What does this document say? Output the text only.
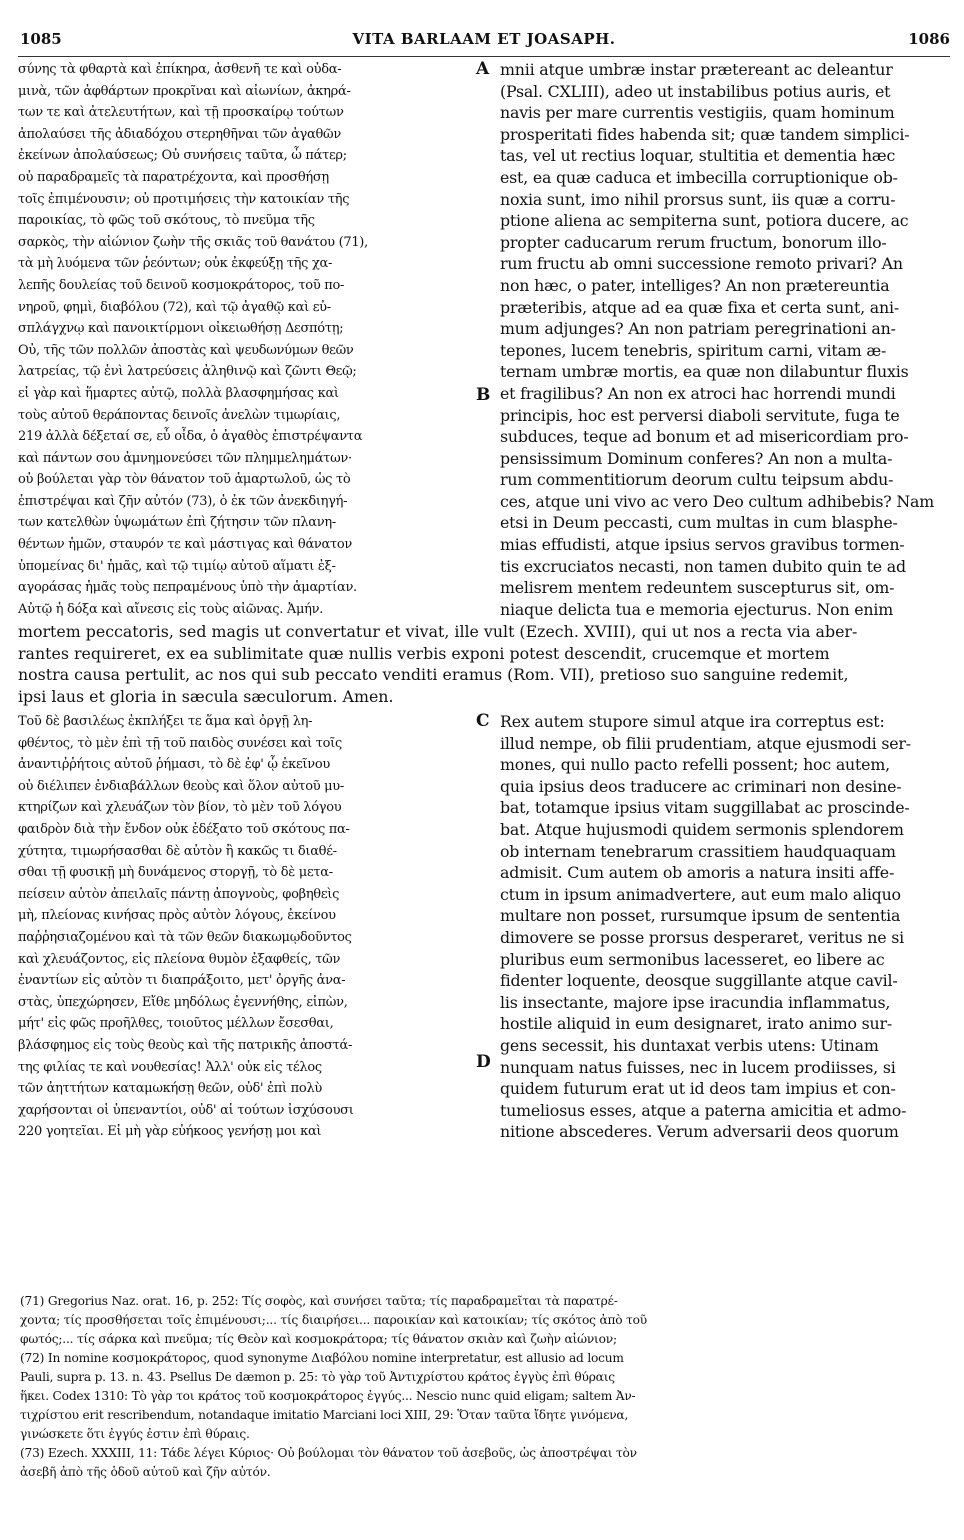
1085	VITA BARLAAM ET JOASAPH.	1086
σύνης τὰ φθαρτὰ καὶ ἐπίκηρα, ἀσθενῆ τε καὶ οὐδα-
μινὰ, τῶν ἀφθάρτων προκρῖναι καὶ αἰωνίων, ἀκηρά-
των τε καὶ ἀτελευτήτων, καὶ τῇ προσκαίρῳ τούτων
ἀπολαύσει τῆς ἀδιαδόχου στερηθῆναι τῶν ἀγαθῶν
ἐκείνων ἀπολαύσεως; Οὐ συνήσεις ταῦτα, ὦ πάτερ;
οὐ παραδραμεῖς τὰ παρατρέχοντα, καὶ προσθήσῃ
τοῖς ἐπιμένουσιν; οὐ προτιμήσεις τὴν κατοικίαν τῆς
παροικίας, τὸ φῶς τοῦ σκότους, τὸ πνεῦμα τῆς
σαρκὸς, τὴν αἰώνιον ζωὴν τῆς σκιᾶς τοῦ θανάτου (71),
τὰ μὴ λυόμενα τῶν ῥεόντων; οὐκ ἐκφεύξῃ τῆς χα-
λεπῆς δουλείας τοῦ δεινοῦ κοσμοκράτορος, τοῦ πο-
νηροῦ, φημὶ, διαβόλου (72), καὶ τῷ ἀγαθῷ καὶ εὐ-
σπλάγχνῳ καὶ πανοικτίρμονι οἰκειωθήσῃ Δεσπότῃ;
Οὐ, τῆς τῶν πολλῶν ἀποστὰς καὶ ψευδωνύμων θεῶν
λατρείας, τῷ ἑνὶ λατρεύσεις ἀληθινῷ καὶ ζῶντι Θεῷ;
εἰ γὰρ καὶ ἥμαρτες αὐτῷ, πολλὰ βλασφημήσας καὶ
τοὺς αὐτοῦ θεράποντας δεινοῖς ἀνελὼν τιμωρίαις,
219 ἀλλὰ δέξεταί σε, εὖ οἶδα, ὁ ἀγαθὸς ἐπιστρέψαντα
καὶ πάντων σου ἀμνημονεύσει τῶν πλημμελημάτων·
οὐ βούλεται γὰρ τὸν θάνατον τοῦ ἁμαρτωλοῦ, ὡς τὸ
ἐπιστρέψαι καὶ ζῆν αὐτόν (73), ὁ ἐκ τῶν ἀνεκδιηγή-
των κατελθὼν ὑψωμάτων ἐπὶ ζήτησιν τῶν πλανη-
θέντων ἡμῶν, σταυρόν τε καὶ μάστιγας καὶ θάνατον
ὑπομείνας δι' ἡμᾶς, καὶ τῷ τιμίῳ αὐτοῦ αἵματι ἐξ-
αγοράσας ἡμᾶς τοὺς πεπραμένους ὑπὸ τὴν ἁμαρτίαν.
Αὐτῷ ἡ δόξα καὶ αἴνεσις εἰς τοὺς αἰῶνας. Ἀμήν.
mnii atque umbræ instar prætereant ac deleantur
(Psal. CXLIII), adeo ut instabilibus potius auris, et
navis per mare currentis vestigiis, quam hominum
prosperitati fides habenda sit; quæ tandem simplici-
tas, vel ut rectius loquar, stultitia et dementia hæc
est, ea quæ caduca et imbecilla corruptionique ob-
noxia sunt, imo nihil prorsus sunt, iis quæ a corru-
ptione aliena ac sempiterna sunt, potiora ducere, ac
propter caducarum rerum fructum, bonorum illo-
rum fructu ab omni successione remoto privari? An
non hæc, o pater, intelliges? An non prætereuntia
præteribis, atque ad ea quæ fixa et certa sunt, ani-
mum adjunges? An non patriam peregrinationi an-
tepones, lucem tenebris, spiritum carni, vitam æ-
ternam umbræ mortis, ea quæ non dilabuntur fluxis
et fragilibus? An non ex atroci hac horrendi mundi
principis, hoc est perversi diaboli servitute, fuga te
subduces, teque ad bonum et ad misericordiam pro-
pensissimum Dominum conferes? An non a multa-
rum commentitiorum deorum cultu teipsum abdu-
ces, atque uni vivo ac vero Deo cultum adhibebis? Nam
etsi in Deum peccasti, cum multas in cum blasphe-
mias effudisti, atque ipsius servos gravibus tormen-
tis excruciatos necasti, non tamen dubito quin te ad
melisrem mentem redeuntem suscepturus sit, om-
niaque delicta tua e memoria ejecturus. Non enim
A
B
mortem peccatoris, sed magis ut convertatur et vivat, ille vult (Ezech. XVIII), qui ut nos a recta via aber-
rantes requireret, ex ea sublimitate quæ nullis verbis exponi potest descendit, crucemque et mortem
nostra causa pertulit, ac nos qui sub peccato venditi eramus (Rom. VII), pretioso suo sanguine redemit,
ipsi laus et gloria in sæcula sæculorum. Amen.
Τοῦ δὲ βασιλέως ἐκπλήξει τε ἅμα καὶ ὀργῇ λη-
φθέντος, τὸ μὲν ἐπὶ τῇ τοῦ παιδὸς συνέσει καὶ τοῖς
ἀναντιῤῥήτοις αὐτοῦ ῥήμασι, τὸ δὲ ἐφ' ᾧ ἐκεῖνου
οὐ διέλιπεν ἐνδιαβάλλων θεοὺς καὶ ὅλον αὐτοῦ μυ-
κτηρίζων καὶ χλευάζων τὸν βίον, τὸ μὲν τοῦ λόγου
φαιδρὸν διὰ τὴν ἔνδον οὐκ ἐδέξατο τοῦ σκότους πα-
χύτητα, τιμωρήσασθαι δὲ αὐτὸν ἢ κακῶς τι διαθέ-
σθαι τῇ φυσικῇ μὴ δυνάμενος στοργῇ, τὸ δὲ μετα-
πείσειν αὐτὸν ἀπειλαῖς πάντῃ ἀπογνοὺς, φοβηθεὶς
μὴ, πλείονας κινήσας πρὸς αὐτὸν λόγους, ἐκείνου
παῤῥησιαζομένου καὶ τὰ τῶν θεῶν διακωμῳδοῦντος
καὶ χλευάζοντος, εἰς πλείονα θυμὸν ἐξαφθείς, τῶν
ἐναντίων εἰς αὐτὸν τι διαπράξοιτο, μετ' ὀργῆς ἀνα-
στὰς, ὑπεχώρησεν, Εἴθε μηδόλως ἐγεννήθης, εἰπὼν,
μήτ' εἰς φῶς προῆλθες, τοιοῦτος μέλλων ἔσεσθαι,
βλάσφημος εἰς τοὺς θεοὺς καὶ τῆς πατρικῆς ἀποστά-
της φιλίας τε καὶ νουθεσίας! Ἀλλ' οὐκ εἰς τέλος
τῶν ἀηττήτων καταμωκήσῃ θεῶν, οὐδ' ἐπὶ πολὺ
χαρήσονται οἱ ὑπεναντίοι, οὐδ' αἱ τούτων ἰσχύσουσι
220 γοητεῖαι. Εἰ μὴ γὰρ εὐήκοος γενήσῃ μοι καὶ
Rex autem stupore simul atque ira correptus est:
illud nempe, ob filii prudentiam, atque ejusmodi ser-
mones, qui nullo pacto refelli possent; hoc autem,
quia ipsius deos traducere ac criminari non desine-
bat, totamque ipsius vitam suggillabat ac proscinde-
bat. Atque hujusmodi quidem sermonis splendorem
ob internam tenebrarum crassitiem haudquaquam
admisit. Cum autem ob amoris a natura insiti affe-
ctum in ipsum animadvertere, aut eum malo aliquo
multare non posset, rursumque ipsum de sententia
dimovere se posse prorsus desperaret, veritus ne si
pluribus eum sermonibus lacesseret, eo libere ac
fidenter loquente, deosque suggillante atque cavil-
lis insectante, majore ipse iracundia inflammatus,
hostile aliquid in eum designaret, irato animo sur-
gens secessit, his duntaxat verbis utens: Utinam
nunquam natus fuisses, nec in lucem prodiisses, si
quidem futurum erat ut id deos tam impius et con-
tumeliosus esses, atque a paterna amicitia et admo-
nitione abscederes. Verum adversarii deos quorum
C
D
(71) Gregorius Naz. orat. 16, p. 252: Τίς σοφὸς, καὶ συνήσει ταῦτα; τίς παραδραμεῖται τὰ παρατρέ-
χοντα; τίς προσθήσεται τοῖς ἐπιμένουσι;... τίς διαιρήσει... παροικίαν καὶ κατοικίαν; τίς σκότος ἀπὸ τοῦ
φωτός;... τίς σάρκα καὶ πνεῦμα; τίς Θεὸν καὶ κοσμοκράτορα; τίς θάνατον σκιὰν καὶ ζωὴν αἰώνιον;
(72) In nomine κοσμοκράτορος, quod synonyme Διαβόλου nomine interpretatur, est allusio ad locum
Pauli, supra p. 13. n. 43. Psellus De dæmon p. 25: τὸ γὰρ τοῦ Ἀντιχρίστου κράτος ἐγγὺς ἐπὶ θύραις
ἥκει. Codex 1310: Τὸ γὰρ τοι κράτος τοῦ κοσμοκράτορος ἐγγύς... Nescio nunc quid eligam; saltem Ἀν-
τιχρίστου erit rescribendum, notandaque imitatio Marciani loci XIII, 29: Ὅταν ταῦτα ἴδητε γινόμενα,
γινώσκετε ὅτι ἐγγύς ἐστιν ἐπὶ θύραις.
(73) Ezech. XXXIII, 11: Τάδε λέγει Κύριος· Οὐ βούλομαι τὸν θάνατον τοῦ ἀσεβοῦς, ὡς ἀποστρέψαι τὸν
ἀσεβῆ ἀπὸ τῆς ὁδοῦ αὐτοῦ καὶ ζῆν αὐτόν.
